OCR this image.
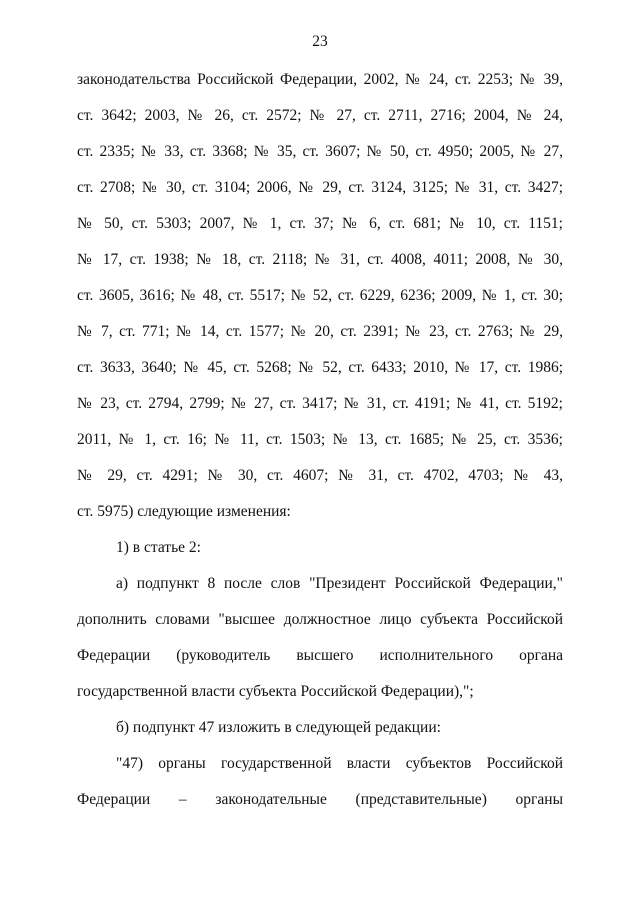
23
законодательства Российской Федерации, 2002, № 24, ст. 2253; № 39,
ст. 3642; 2003, № 26, ст. 2572; № 27, ст. 2711, 2716; 2004, № 24,
ст. 2335; № 33, ст. 3368; № 35, ст. 3607; № 50, ст. 4950; 2005, № 27,
ст. 2708; № 30, ст. 3104; 2006, № 29, ст. 3124, 3125; № 31, ст. 3427;
№ 50, ст. 5303; 2007, № 1, ст. 37; № 6, ст. 681; № 10, ст. 1151;
№ 17, ст. 1938; № 18, ст. 2118; № 31, ст. 4008, 4011; 2008, № 30,
ст. 3605, 3616; № 48, ст. 5517; № 52, ст. 6229, 6236; 2009, № 1, ст. 30;
№ 7, ст. 771; № 14, ст. 1577; № 20, ст. 2391; № 23, ст. 2763; № 29,
ст. 3633, 3640; № 45, ст. 5268; № 52, ст. 6433; 2010, № 17, ст. 1986;
№ 23, ст. 2794, 2799; № 27, ст. 3417; № 31, ст. 4191; № 41, ст. 5192;
2011, № 1, ст. 16; № 11, ст. 1503; № 13, ст. 1685; № 25, ст. 3536;
№ 29, ст. 4291; № 30, ст. 4607; № 31, ст. 4702, 4703; № 43,
ст. 5975) следующие изменения:
1) в статье 2:
а) подпункт 8 после слов "Президент Российской Федерации,"
дополнить словами "высшее должностное лицо субъекта Российской
Федерации (руководитель высшего исполнительного органа
государственной власти субъекта Российской Федерации),";
б) подпункт 47 изложить в следующей редакции:
"47) органы государственной власти субъектов Российской
Федерации – законодательные (представительные) органы
